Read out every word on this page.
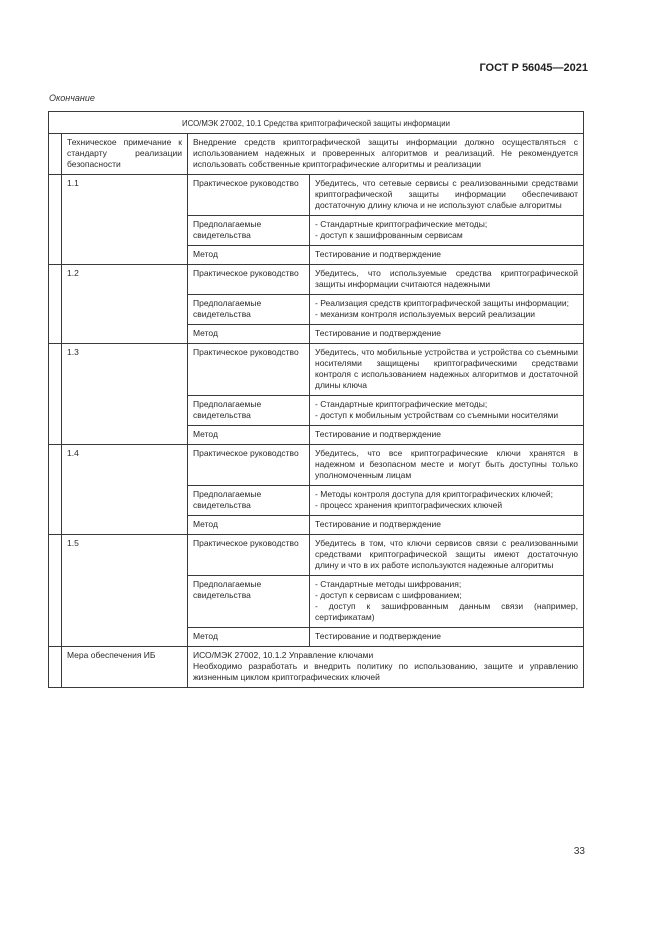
ГОСТ Р 56045—2021
Окончание
ИСО/МЭК 27002, 10.1 Средства криптографической защиты информации			
	Техническое примечание к стандарту реализации безопасности	Внедрение средств криптографической защиты информации должно осуществляться с использованием надежных и проверенных алгоритмов и реализаций. Не рекомендуется использовать собственные криптографические алгоритмы и реализации	
	1.1	Практическое руководство	Убедитесь, что сетевые сервисы с реализованными средствами криптографической защиты информации обеспечивают достаточную длину ключа и не используют слабые алгоритмы

		Предполагаемые свидетельства	- Стандартные криптографические методы;
- доступ к зашифрованным сервисам

		Метод	Тестирование и подтверждение

	1.2	Практическое руководство	Убедитесь, что используемые средства криптографической защиты информации считаются надежными

		Предполагаемые свидетельства	- Реализация средств криптографической защиты информации;
- механизм контроля используемых версий реализации

		Метод	Тестирование и подтверждение

	1.3	Практическое руководство	Убедитесь, что мобильные устройства и устройства со съемными носителями защищены криптографическими средствами контроля с использованием надежных алгоритмов и достаточной длины ключа

		Предполагаемые свидетельства	- Стандартные криптографические методы;
- доступ к мобильным устройствам со съемными носителями

		Метод	Тестирование и подтверждение

	1.4	Практическое руководство	Убедитесь, что все криптографические ключи хранятся в надежном и безопасном месте и могут быть доступны только уполномоченным лицам

		Предполагаемые свидетельства	- Методы контроля доступа для криптографических ключей;
- процесс хранения криптографических ключей

		Метод	Тестирование и подтверждение

	1.5	Практическое руководство	Убедитесь в том, что ключи сервисов связи с реализованными средствами криптографической защиты имеют достаточную длину и что в их работе используются надежные алгоритмы

		Предполагаемые свидетельства	- Стандартные методы шифрования;
- доступ к сервисам с шифрованием;
- доступ к зашифрованным данным связи (например, сертификатам)

		Метод	Тестирование и подтверждение

	Мера обеспечения ИБ	ИСО/МЭК 27002, 10.1.2 Управление ключами
Необходимо разработать и внедрить политику по использованию, защите и управлению жизненным циклом криптографических ключей	
33
